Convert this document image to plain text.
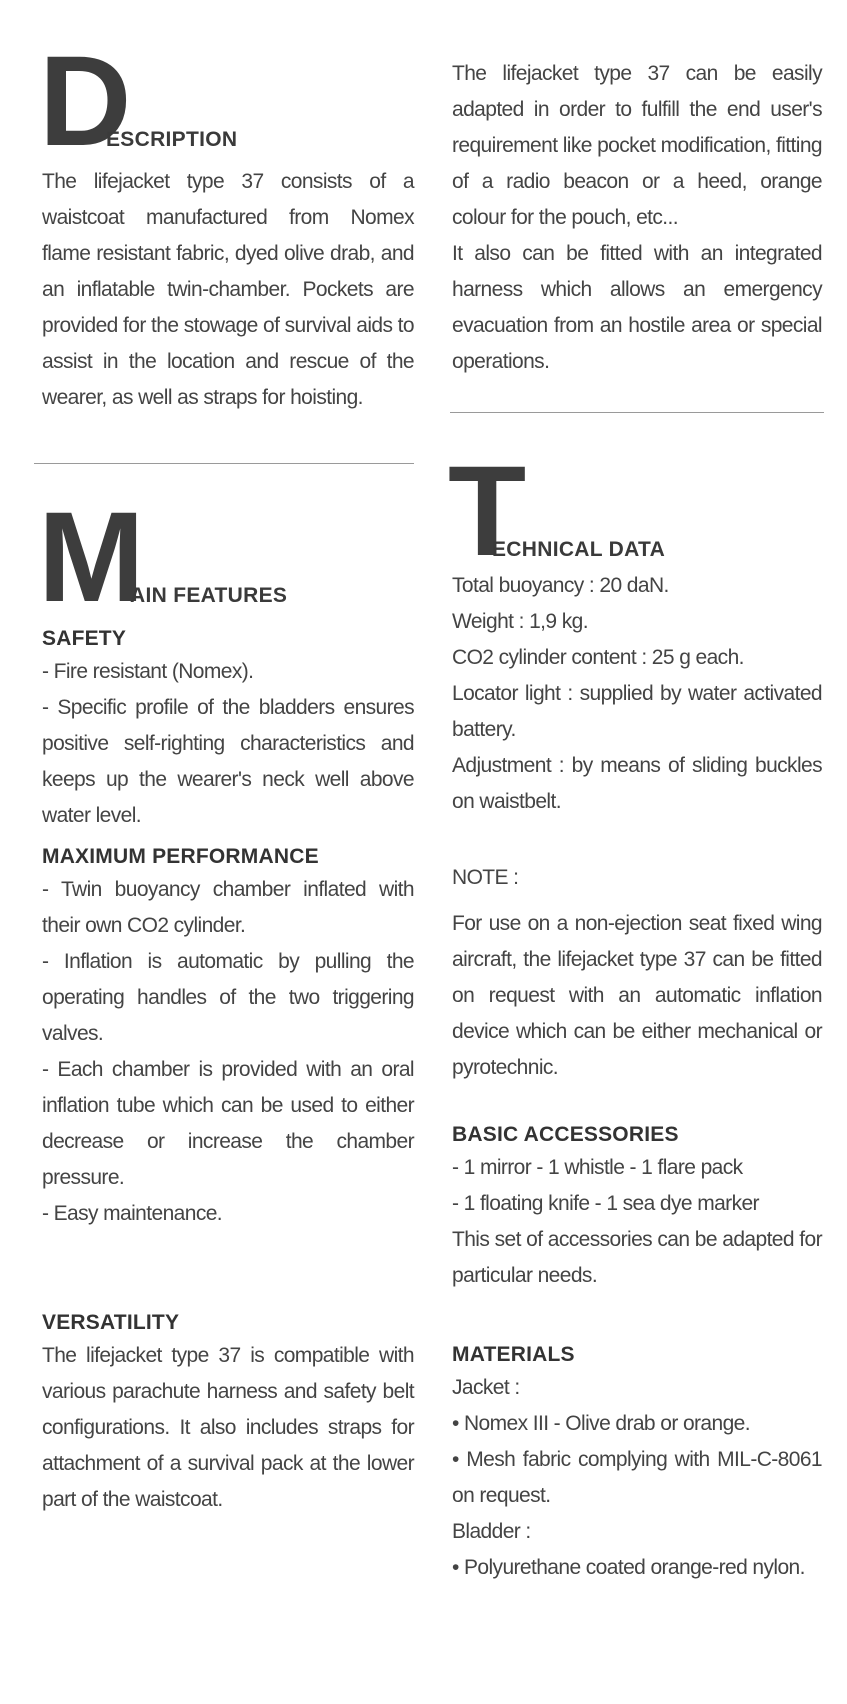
D
ESCRIPTION

The lifejacket type 37 consists of a waistcoat manufactured from Nomex flame resistant fabric, dyed olive drab, and an inflatable twin-chamber. Pockets are provided for the stowage of survival aids to assist in the location and rescue of the wearer, as well as straps for hoisting.

M
AIN FEATURES

SAFETY

- Fire resistant (Nomex).

- Specific profile of the bladders ensures positive self-righting characteristics and keeps up the wearer's neck well above water level.

MAXIMUM PERFORMANCE

- Twin buoyancy chamber inflated with their own CO2 cylinder.

- Inflation is automatic by pulling the operating handles of the two triggering valves.

- Each chamber is provided with an oral inflation tube which can be used to either decrease or increase the chamber pressure.

- Easy maintenance.

VERSATILITY

The lifejacket type 37 is compatible with various parachute harness and safety belt configurations. It also includes straps for attachment of a survival pack at the lower part of the waistcoat.

The lifejacket type 37 can be easily adapted in order to fulfill the end user's requirement like pocket modification, fitting of a radio beacon or a heed, orange colour for the pouch, etc...

It also can be fitted with an integrated harness which allows an emergency evacuation from an hostile area or special operations.

T
ECHNICAL DATA

Total buoyancy : 20 daN.

Weight : 1,9 kg.

CO2 cylinder content : 25 g each.

Locator light : supplied by water activated battery.

Adjustment : by means of sliding buckles on waistbelt.

NOTE :

For use on a non-ejection seat fixed wing aircraft, the lifejacket type 37 can be fitted on request with an automatic inflation device which can be either mechanical or pyrotechnic.

BASIC ACCESSORIES

- 1 mirror - 1 whistle - 1 flare pack

- 1 floating knife - 1 sea dye marker

This set of accessories can be adapted for particular needs.

MATERIALS

Jacket :

• Nomex III - Olive drab or orange.

• Mesh fabric complying with MIL-C-8061 on request.

Bladder :

• Polyurethane coated orange-red nylon.
